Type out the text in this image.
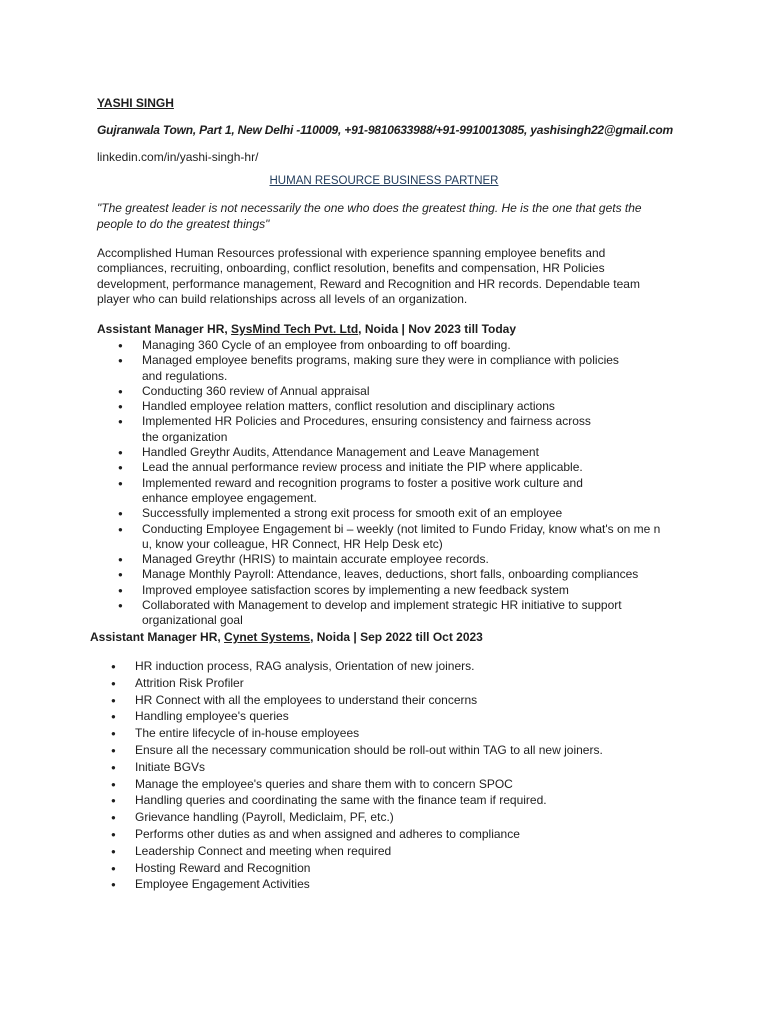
YASHI SINGH
Gujranwala Town, Part 1, New Delhi -110009, +91-9810633988/+91-9910013085, yashisingh22@gmail.com
linkedin.com/in/yashi-singh-hr/
HUMAN RESOURCE BUSINESS PARTNER
"The greatest leader is not necessarily the one who does the greatest thing. He is the one that gets the people to do the greatest things"
Accomplished Human Resources professional with experience spanning employee benefits and compliances, recruiting, onboarding, conflict resolution, benefits and compensation, HR Policies development, performance management, Reward and Recognition and HR records. Dependable team player who can build relationships across all levels of an organization.
Assistant Manager HR, SysMind Tech Pvt. Ltd, Noida | Nov 2023 till Today
● Managing 360 Cycle of an employee from onboarding to off boarding.
● Managed employee benefits programs, making sure they were in compliance with policies
and regulations.
● Conducting 360 review of Annual appraisal
● Handled employee relation matters, conflict resolution and disciplinary actions
● Implemented HR Policies and Procedures, ensuring consistency and fairness across
the organization
● Handled Greythr Audits, Attendance Management and Leave Management
● Lead the annual performance review process and initiate the PIP where applicable.
● Implemented reward and recognition programs to foster a positive work culture and
enhance employee engagement.
● Successfully implemented a strong exit process for smooth exit of an employee
● Conducting Employee Engagement bi – weekly (not limited to Fundo Friday, know what's on me n
u, know your colleague, HR Connect, HR Help Desk etc)
● Managed Greythr (HRIS) to maintain accurate employee records.
● Manage Monthly Payroll: Attendance, leaves, deductions, short falls, onboarding compliances
● Improved employee satisfaction scores by implementing a new feedback system
● Collaborated with Management to develop and implement strategic HR initiative to support
organizational goal
Assistant Manager HR, Cynet Systems, Noida | Sep 2022 till Oct 2023
● HR induction process, RAG analysis, Orientation of new joiners.
● Attrition Risk Profiler
● HR Connect with all the employees to understand their concerns
● Handling employee's queries
● The entire lifecycle of in-house employees
● Ensure all the necessary communication should be roll-out within TAG to all new joiners.
● Initiate BGVs
● Manage the employee's queries and share them with to concern SPOC
● Handling queries and coordinating the same with the finance team if required.
● Grievance handling (Payroll, Mediclaim, PF, etc.)
● Performs other duties as and when assigned and adheres to compliance
● Leadership Connect and meeting when required
● Hosting Reward and Recognition
● Employee Engagement Activities
